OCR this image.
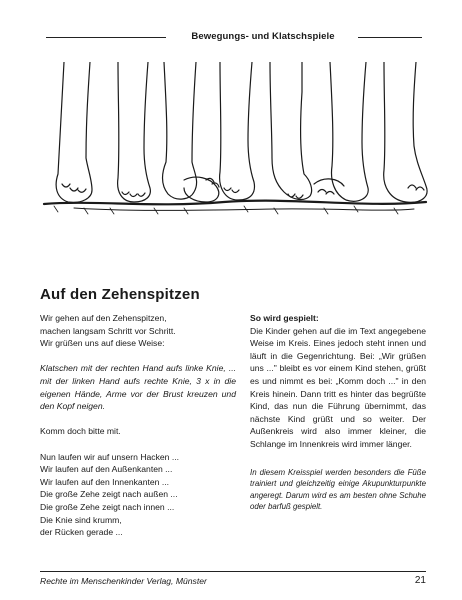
Bewegungs- und Klatschspiele
Auf den Zehenspitzen

Wir gehen auf den Zehenspitzen,

machen langsam Schritt vor Schritt.

Wir grüßen uns auf diese Weise:

Klatschen mit der rechten Hand aufs linke Knie, ... mit der linken Hand aufs rechte Knie, 3 x in die eigenen Hände, Arme vor der Brust kreuzen und den Kopf neigen.

Komm doch bitte mit.

Nun laufen wir auf unsern Hacken ...

Wir laufen auf den Außenkanten ...

Wir laufen auf den Innenkanten ...

Die große Zehe zeigt nach außen ...

Die große Zehe zeigt nach innen ...

Die Knie sind krumm,

der Rücken gerade ...

So wird gespielt:

Die Kinder gehen auf die im Text angegebene Weise im Kreis. Eines jedoch steht innen und läuft in die Gegenrichtung. Bei: „Wir grüßen uns ..." bleibt es vor einem Kind stehen, grüßt es und nimmt es bei: „Komm doch ..." in den Kreis hinein. Dann tritt es hinter das begrüßte Kind, das nun die Führung übernimmt, das nächste Kind grüßt und so weiter. Der Außenkreis wird also immer kleiner, die Schlange im Innenkreis wird immer länger.

In diesem Kreisspiel werden besonders die Füße trainiert und gleichzeitig einige Akupunkturpunkte angeregt. Darum wird es am besten ohne Schuhe oder barfuß gespielt.

Rechte im Menschenkinder Verlag, Münster	21
